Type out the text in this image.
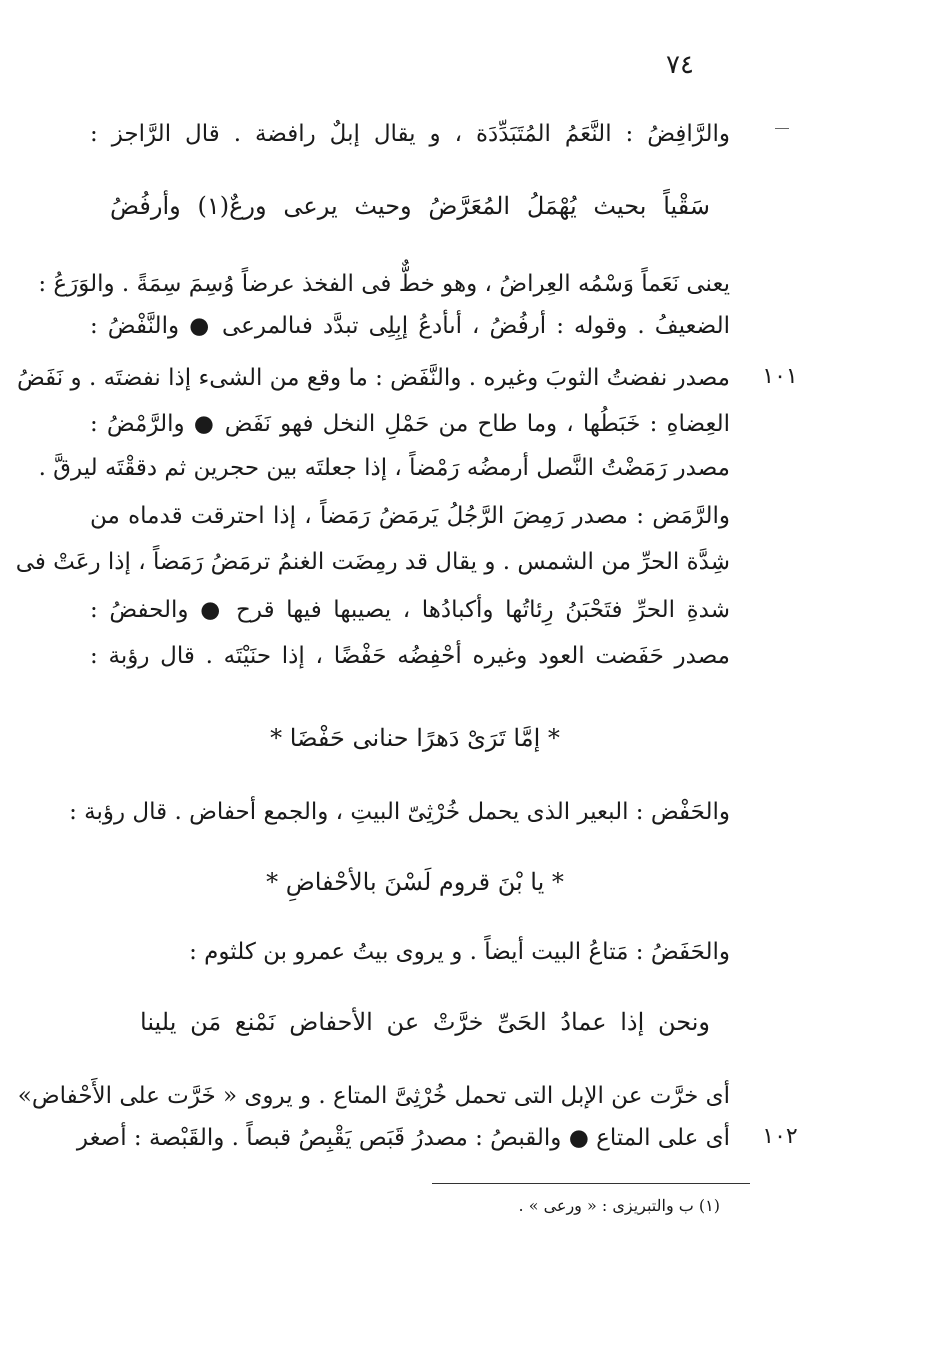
٧٤
والرَّافِضُ : النَّعَمُ المُتَبَدِّدَة ، و يقال إبلٌ رافضة . قال الرَّاجز :
سَقْياً بحيث يُهْمَلُ المُعَرَّضُ وحيث يرعى ورعٌ(١) وأرفُضُ
يعنى نَعَماً وَسْمُه العِراضُ ، وهو خطٌّ فى الفخذ عرضاً وُسِمَ سِمَةً . والوَرَعُ :
الضعيفُ . وقوله : أرفُضُ ، أىأدعُ إبِلِى تبدَّد فىالمرعى ● والنَّفْضُ :
١٠١
مصدر نفضتُ الثوبَ وغيره . والنَّفَض : ما وقع من الشىء إذا نفضتَه . و نَفَضُ
العِضاهِ : خَبَطُها ، وما طاح من حَمْلِ النخل فهو نَفَض ● والرَّمْضُ :
مصدر رَمَضْتُ النَّصل أرمضُه رَمْضاً ، إذا جعلتَه بين حجرين ثم دققْتَه ليرقَّ .
والرَّمَض : مصدر رَمِضَ الرَّجُلُ يَرمَضُ رَمَضاً ، إذا احترقت قدماه من
شِدَّة الحرِّ من الشمس . و يقال قد رمِضَت الغنمُ ترمَضُ رَمَضاً ، إذا رعَتْ فى
شدةِ الحرِّ فتَحْبَنُ رِئاتُها وأكبادُها ، يصيبها فيها قرح ● والحفضُ :
مصدر حَفَضت العود وغيره أحْفِضُه حَفْضًا ، إذا حنَيْتَه . قال رؤبة :
* إمَّا تَرَىْ دَهرًا حنانى حَفْضَا *
والحَفْض : البعير الذى يحمل خُرْثِىّ البيتِ ، والجمع أحفاض . قال رؤبة :
* يا بْنَ قروم لَسْنَ بالأحْفاضِ *
والحَفَضُ : مَتاعُ البيت أيضاً . و يروى بيتُ عمرو بن كلثوم :
ونحن إذا عمادُ الحَىِّ خرَّتْ عن الأحفاض نَمْنع مَن يلينا
أى خرَّت عن الإبل التى تحمل خُرْثِىَّ المتاع . و يروى « خَرَّت على الأَحْفاض»
١٠٢
أى على المتاع ● والقبصُ : مصدرُ قَبَص يَقْبِصُ قبصاً . والقَبْصة : أصغر
(١) ب والتبريزى : « ورعى » .
